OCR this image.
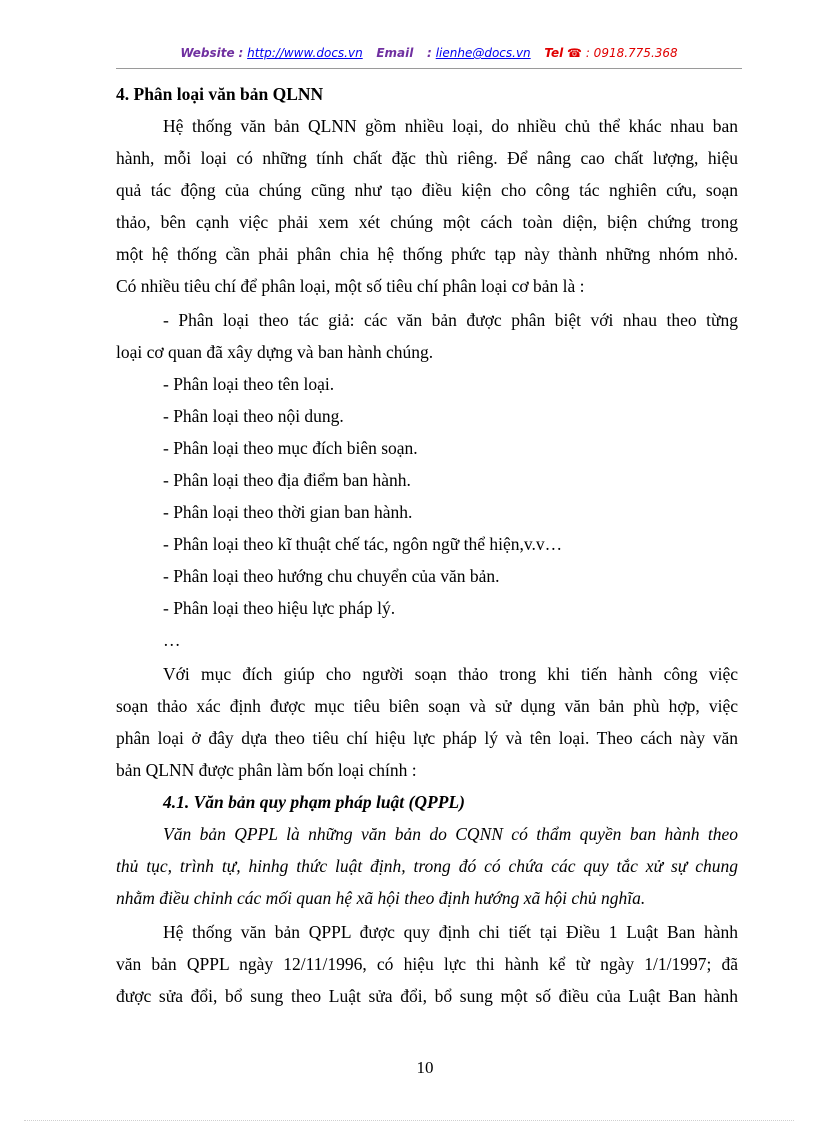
Website : http://www.docs.vn Email : lienhe@docs.vn Tel ☎ : 0918.775.368
4. Phân loại văn bản QLNN
Hệ thống văn bản QLNN gồm nhiều loại, do nhiều chủ thể khác nhau ban
hành, mỗi loại có những tính chất đặc thù riêng. Để nâng cao chất lượng, hiệu
quả tác động của chúng cũng như tạo điều kiện cho công tác nghiên cứu, soạn
thảo, bên cạnh việc phải xem xét chúng một cách toàn diện, biện chứng trong
một hệ thống cần phải phân chia hệ thống phức tạp này thành những nhóm nhỏ.
Có nhiều tiêu chí để phân loại, một số tiêu chí phân loại cơ bản là :
- Phân loại theo tác giả: các văn bản được phân biệt với nhau theo từng
loại cơ quan đã xây dựng và ban hành chúng.
- Phân loại theo tên loại.
- Phân loại theo nội dung.
- Phân loại theo mục đích biên soạn.
- Phân loại theo địa điểm ban hành.
- Phân loại theo thời gian ban hành.
- Phân loại theo kĩ thuật chế tác, ngôn ngữ thể hiện,v.v…
- Phân loại theo hướng chu chuyển của văn bản.
- Phân loại theo hiệu lực pháp lý.
…
Với mục đích giúp cho người soạn thảo trong khi tiến hành công việc
soạn thảo xác định được mục tiêu biên soạn và sử dụng văn bản phù hợp, việc
phân loại ở đây dựa theo tiêu chí hiệu lực pháp lý và tên loại. Theo cách này văn
bản QLNN được phân làm bốn loại chính :
4.1. Văn bản quy phạm pháp luật (QPPL)
Văn bản QPPL là những văn bản do CQNN có thẩm quyền ban hành theo
thủ tục, trình tự, hinhg thức luật định, trong đó có chứa các quy tắc xử sự chung
nhằm điều chỉnh các mối quan hệ xã hội theo định hướng xã hội chủ nghĩa.
Hệ thống văn bản QPPL được quy định chi tiết tại Điều 1 Luật Ban hành
văn bản QPPL ngày 12/11/1996, có hiệu lực thi hành kể từ ngày 1/1/1997; đã
được sửa đổi, bổ sung theo Luật sửa đổi, bổ sung một số điều của Luật Ban hành
10
